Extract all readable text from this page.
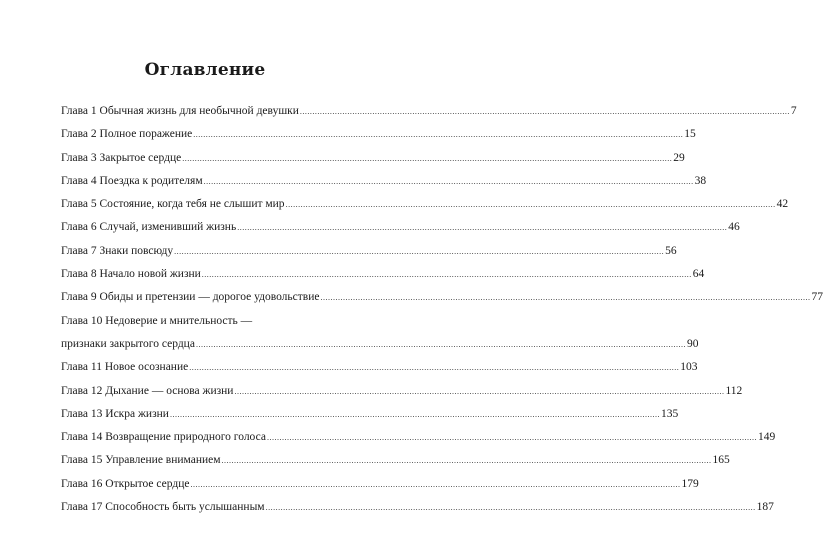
Оглавление
Глава 1 Обычная жизнь для необычной девушки .....	7
Глава 2 Полное поражение .....	15
Глава 3 Закрытое сердце .....	29
Глава 4 Поездка к родителям .....	38
Глава 5 Состояние, когда тебя не слышит мир .....	42
Глава 6 Случай, изменивший жизнь .....	46
Глава 7 Знаки повсюду .....	56
Глава 8 Начало новой жизни .....	64
Глава 9 Обиды и претензии — дорогое удовольствие .....	77
Глава 10 Недоверие и мнительность —
признаки закрытого сердца .....	90
Глава 11 Новое осознание .....	103
Глава 12 Дыхание — основа жизни .....	112
Глава 13 Искра жизни .....	135
Глава 14 Возвращение природного голоса .....	149
Глава 15 Управление вниманием .....	165
Глава 16 Открытое сердце .....	179
Глава 17 Способность быть услышанным .....	187
